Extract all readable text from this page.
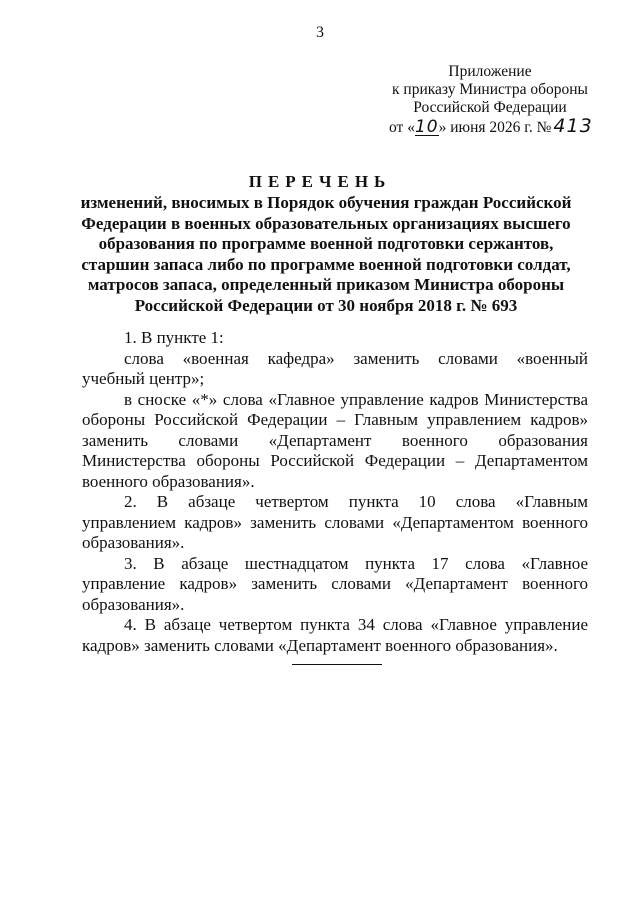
3
Приложение
к приказу Министра обороны
Российской Федерации
от «10» июня 2026 г. № 413
ПЕРЕЧЕНЬ
изменений, вносимых в Порядок обучения граждан Российской
Федерации в военных образовательных организациях высшего
образования по программе военной подготовки сержантов,
старшин запаса либо по программе военной подготовки солдат,
матросов запаса, определенный приказом Министра обороны
Российской Федерации от 30 ноября 2018 г. № 693
1. В пункте 1:
слова «военная кафедра» заменить словами «военный
учебный центр»;
в сноске «*» слова «Главное управление кадров Министерства
обороны Российской Федерации – Главным управлением кадров»
заменить словами «Департамент военного образования
Министерства обороны Российской Федерации – Департаментом
военного образования».
2. В абзаце четвертом пункта 10 слова «Главным
управлением кадров» заменить словами «Департаментом военного
образования».
3. В абзаце шестнадцатом пункта 17 слова «Главное
управление кадров» заменить словами «Департамент военного
образования».
4. В абзаце четвертом пункта 34 слова «Главное управление
кадров» заменить словами «Департамент военного образования».
